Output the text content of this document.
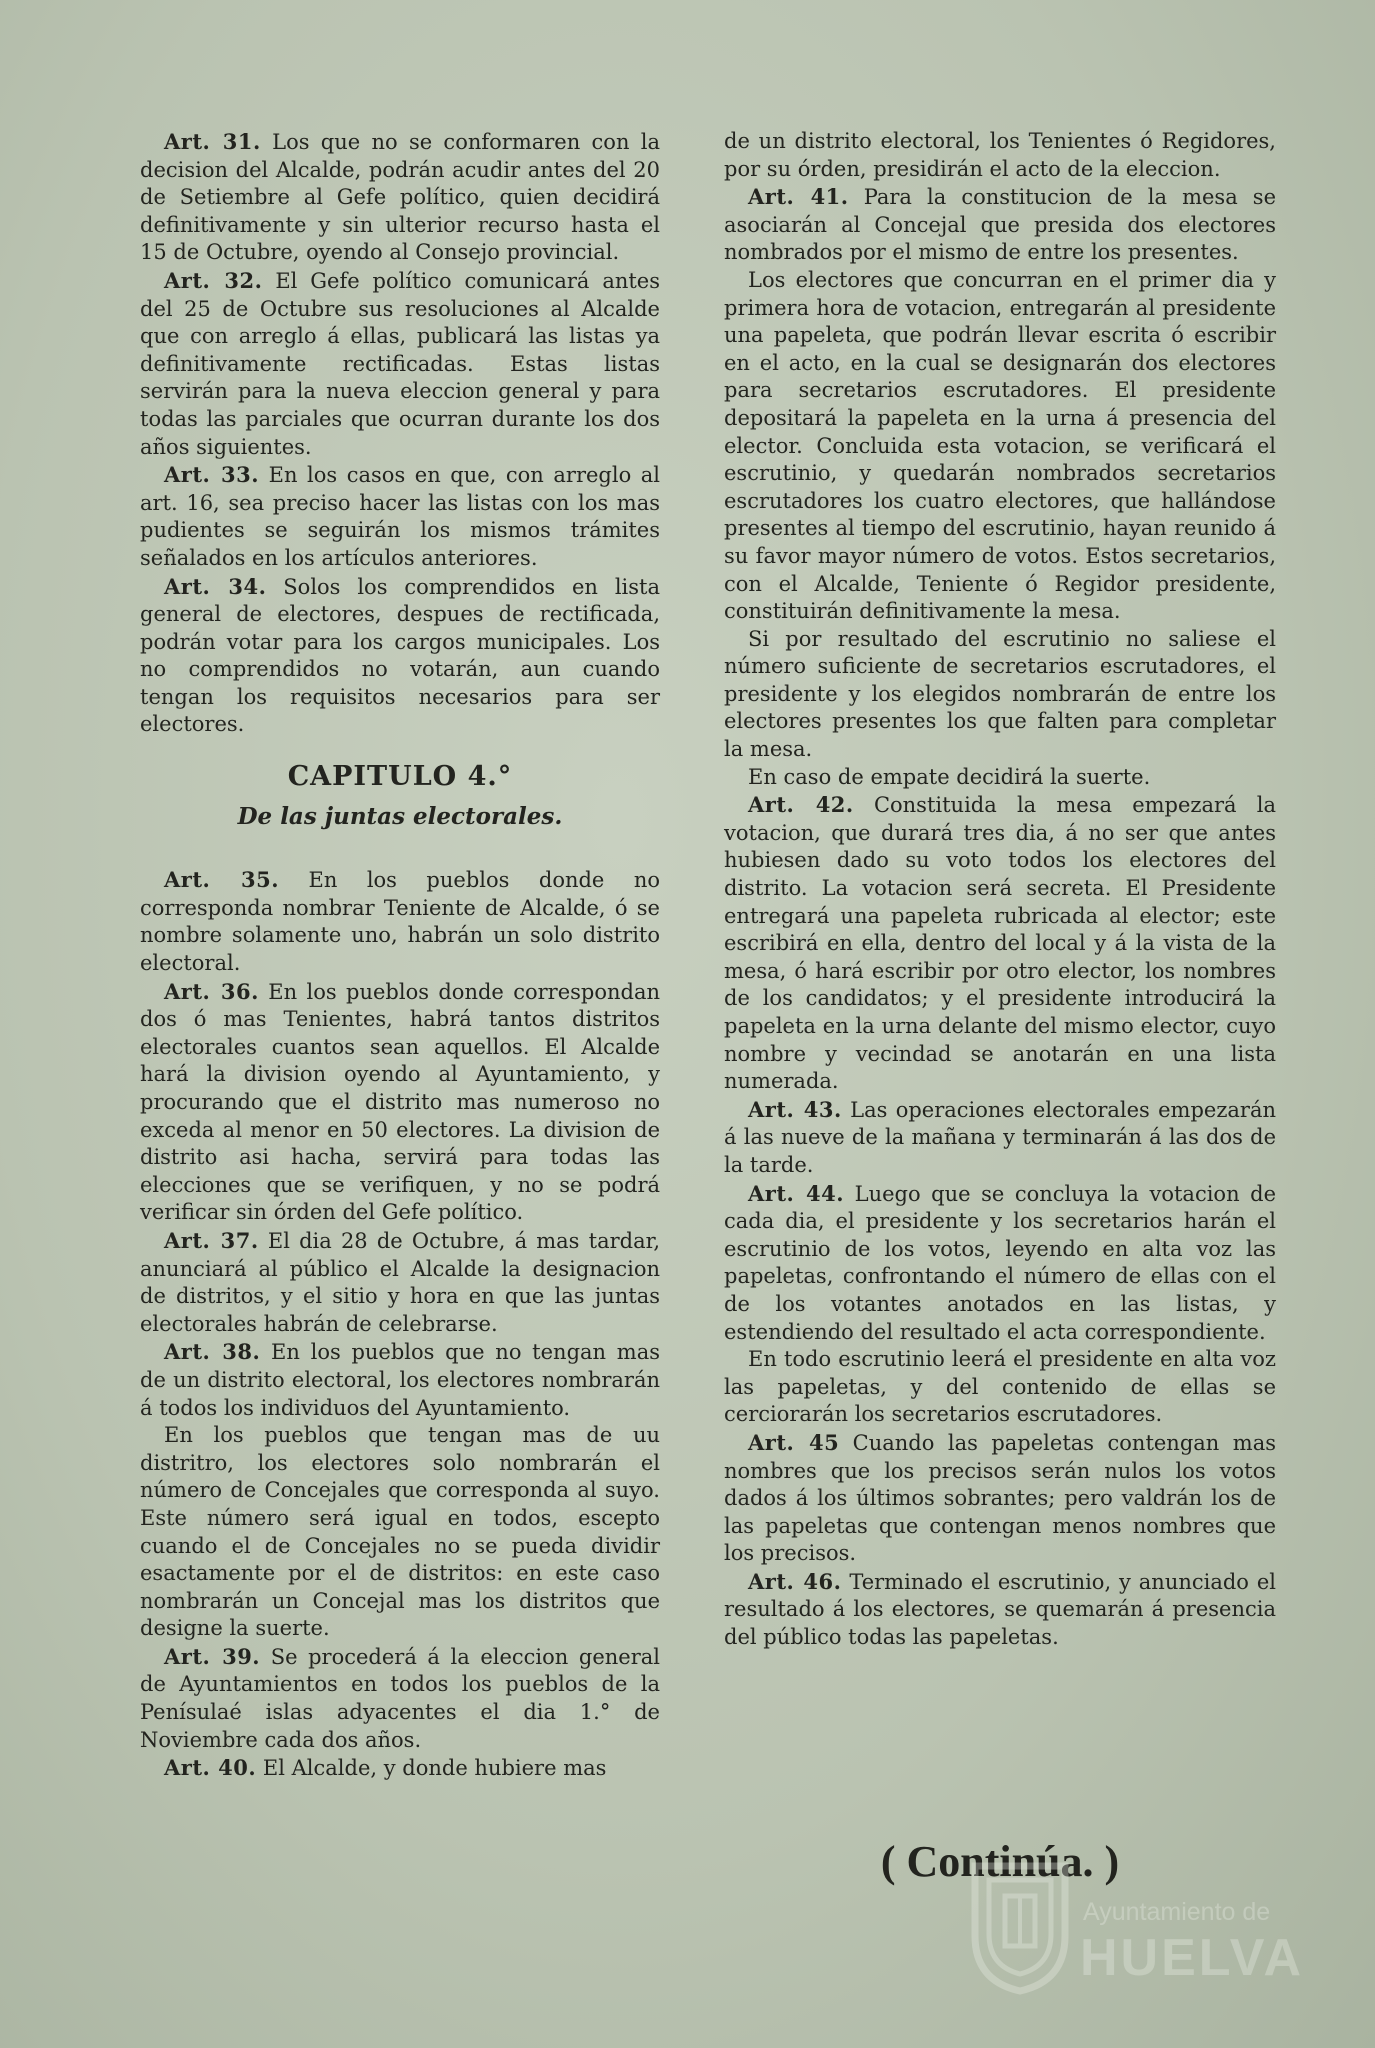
Art. 31. Los que no se conformaren con la decision del Alcalde, podrán acudir antes del 20 de Setiembre al Gefe político, quien decidirá definitivamente y sin ulterior recurso hasta el 15 de Octubre, oyendo al Consejo provincial.

Art. 32. El Gefe político comunicará antes del 25 de Octubre sus resoluciones al Alcalde que con arreglo á ellas, publicará las listas ya definitivamente rectificadas. Estas listas servirán para la nueva eleccion general y para todas las parciales que ocurran durante los dos años siguientes.

Art. 33. En los casos en que, con arreglo al art. 16, sea preciso hacer las listas con los mas pudientes se seguirán los mismos trámites señalados en los artículos anteriores.

Art. 34. Solos los comprendidos en lista general de electores, despues de rectificada, podrán votar para los cargos municipales. Los no comprendidos no votarán, aun cuando tengan los requisitos necesarios para ser electores.

CAPITULO 4.°
De las juntas electorales.

Art. 35. En los pueblos donde no corresponda nombrar Teniente de Alcalde, ó se nombre solamente uno, habrán un solo distrito electoral.

Art. 36. En los pueblos donde correspondan dos ó mas Tenientes, habrá tantos distritos electorales cuantos sean aquellos. El Alcalde hará la division oyendo al Ayuntamiento, y procurando que el distrito mas numeroso no exceda al menor en 50 electores. La division de distrito asi hacha, servirá para todas las elecciones que se verifiquen, y no se podrá verificar sin órden del Gefe político.

Art. 37. El dia 28 de Octubre, á mas tardar, anunciará al público el Alcalde la designacion de distritos, y el sitio y hora en que las juntas electorales habrán de celebrarse.

Art. 38. En los pueblos que no tengan mas de un distrito electoral, los electores nombrarán á todos los individuos del Ayuntamiento.

En los pueblos que tengan mas de uu distritro, los electores solo nombrarán el número de Concejales que corresponda al suyo. Este número será igual en todos, escepto cuando el de Concejales no se pueda dividir esactamente por el de distritos: en este caso nombrarán un Concejal mas los distritos que designe la suerte.

Art. 39. Se procederá á la eleccion general de Ayuntamientos en todos los pueblos de la Penísulaé islas adyacentes el dia 1.° de Noviembre cada dos años.

Art. 40. El Alcalde, y donde hubiere mas

de un distrito electoral, los Tenientes ó Regidores, por su órden, presidirán el acto de la eleccion.

Art. 41. Para la constitucion de la mesa se asociarán al Concejal que presida dos electores nombrados por el mismo de entre los presentes.

Los electores que concurran en el primer dia y primera hora de votacion, entregarán al presidente una papeleta, que podrán llevar escrita ó escribir en el acto, en la cual se designarán dos electores para secretarios escrutadores. El presidente depositará la papeleta en la urna á presencia del elector. Concluida esta votacion, se verificará el escrutinio, y quedarán nombrados secretarios escrutadores los cuatro electores, que hallándose presentes al tiempo del escrutinio, hayan reunido á su favor mayor número de votos. Estos secretarios, con el Alcalde, Teniente ó Regidor presidente, constituirán definitivamente la mesa.

Si por resultado del escrutinio no saliese el número suficiente de secretarios escrutadores, el presidente y los elegidos nombrarán de entre los electores presentes los que falten para completar la mesa.

En caso de empate decidirá la suerte.

Art. 42. Constituida la mesa empezará la votacion, que durará tres dia, á no ser que antes hubiesen dado su voto todos los electores del distrito. La votacion será secreta. El Presidente entregará una papeleta rubricada al elector; este escribirá en ella, dentro del local y á la vista de la mesa, ó hará escribir por otro elector, los nombres de los candidatos; y el presidente introducirá la papeleta en la urna delante del mismo elector, cuyo nombre y vecindad se anotarán en una lista numerada.

Art. 43. Las operaciones electorales empezarán á las nueve de la mañana y terminarán á las dos de la tarde.

Art. 44. Luego que se concluya la votacion de cada dia, el presidente y los secretarios harán el escrutinio de los votos, leyendo en alta voz las papeletas, confrontando el número de ellas con el de los votantes anotados en las listas, y estendiendo del resultado el acta correspondiente.

En todo escrutinio leerá el presidente en alta voz las papeletas, y del contenido de ellas se cerciorarán los secretarios escrutadores.

Art. 45 Cuando las papeletas contengan mas nombres que los precisos serán nulos los votos dados á los últimos sobrantes; pero valdrán los de las papeletas que contengan menos nombres que los precisos.

Art. 46. Terminado el escrutinio, y anunciado el resultado á los electores, se quemarán á presencia del público todas las papeletas.

( Continúa. )
Ayuntamiento de
HUELVA
